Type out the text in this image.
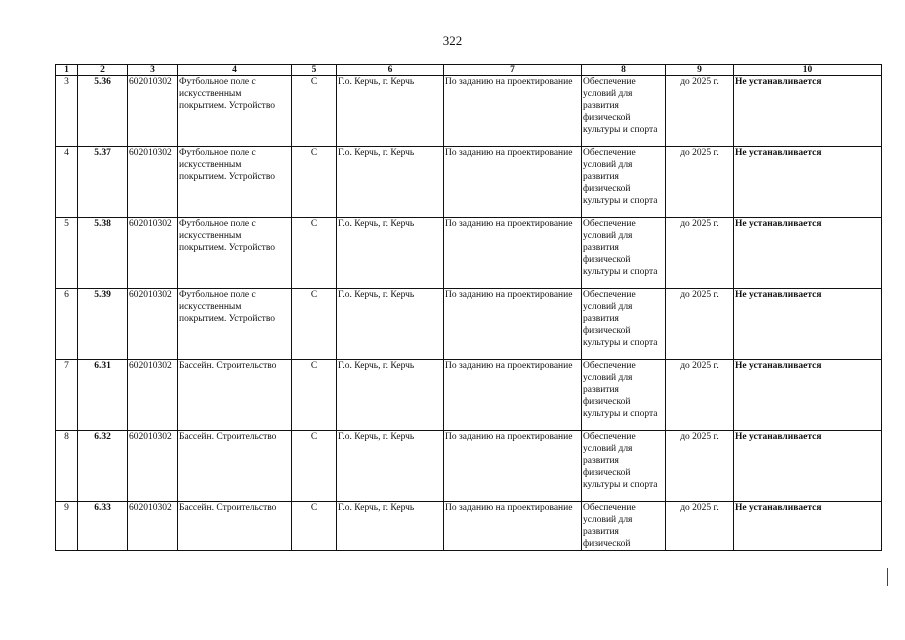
322
1	2	3	4	5	6	7	8	9	10
3	5.36	602010302	Футбольное поле с искусственным покрытием. Устройство	С	Г.о. Керчь, г. Керчь	По заданию на проектирование	Обеспечение условий для развития физической культуры и спорта	до 2025 г.	Не устанавливается
4	5.37	602010302	Футбольное поле с искусственным покрытием. Устройство	С	Г.о. Керчь, г. Керчь	По заданию на проектирование	Обеспечение условий для развития физической культуры и спорта	до 2025 г.	Не устанавливается
5	5.38	602010302	Футбольное поле с искусственным покрытием. Устройство	С	Г.о. Керчь, г. Керчь	По заданию на проектирование	Обеспечение условий для развития физической культуры и спорта	до 2025 г.	Не устанавливается
6	5.39	602010302	Футбольное поле с искусственным покрытием. Устройство	С	Г.о. Керчь, г. Керчь	По заданию на проектирование	Обеспечение условий для развития физической культуры и спорта	до 2025 г.	Не устанавливается
7	6.31	602010302	Бассейн. Строительство	С	Г.о. Керчь, г. Керчь	По заданию на проектирование	Обеспечение условий для развития физической культуры и спорта	до 2025 г.	Не устанавливается
8	6.32	602010302	Бассейн. Строительство	С	Г.о. Керчь, г. Керчь	По заданию на проектирование	Обеспечение условий для развития физической культуры и спорта	до 2025 г.	Не устанавливается
9	6.33	602010302	Бассейн. Строительство	С	Г.о. Керчь, г. Керчь	По заданию на проектирование	Обеспечение условий для развития физической	до 2025 г.	Не устанавливается
